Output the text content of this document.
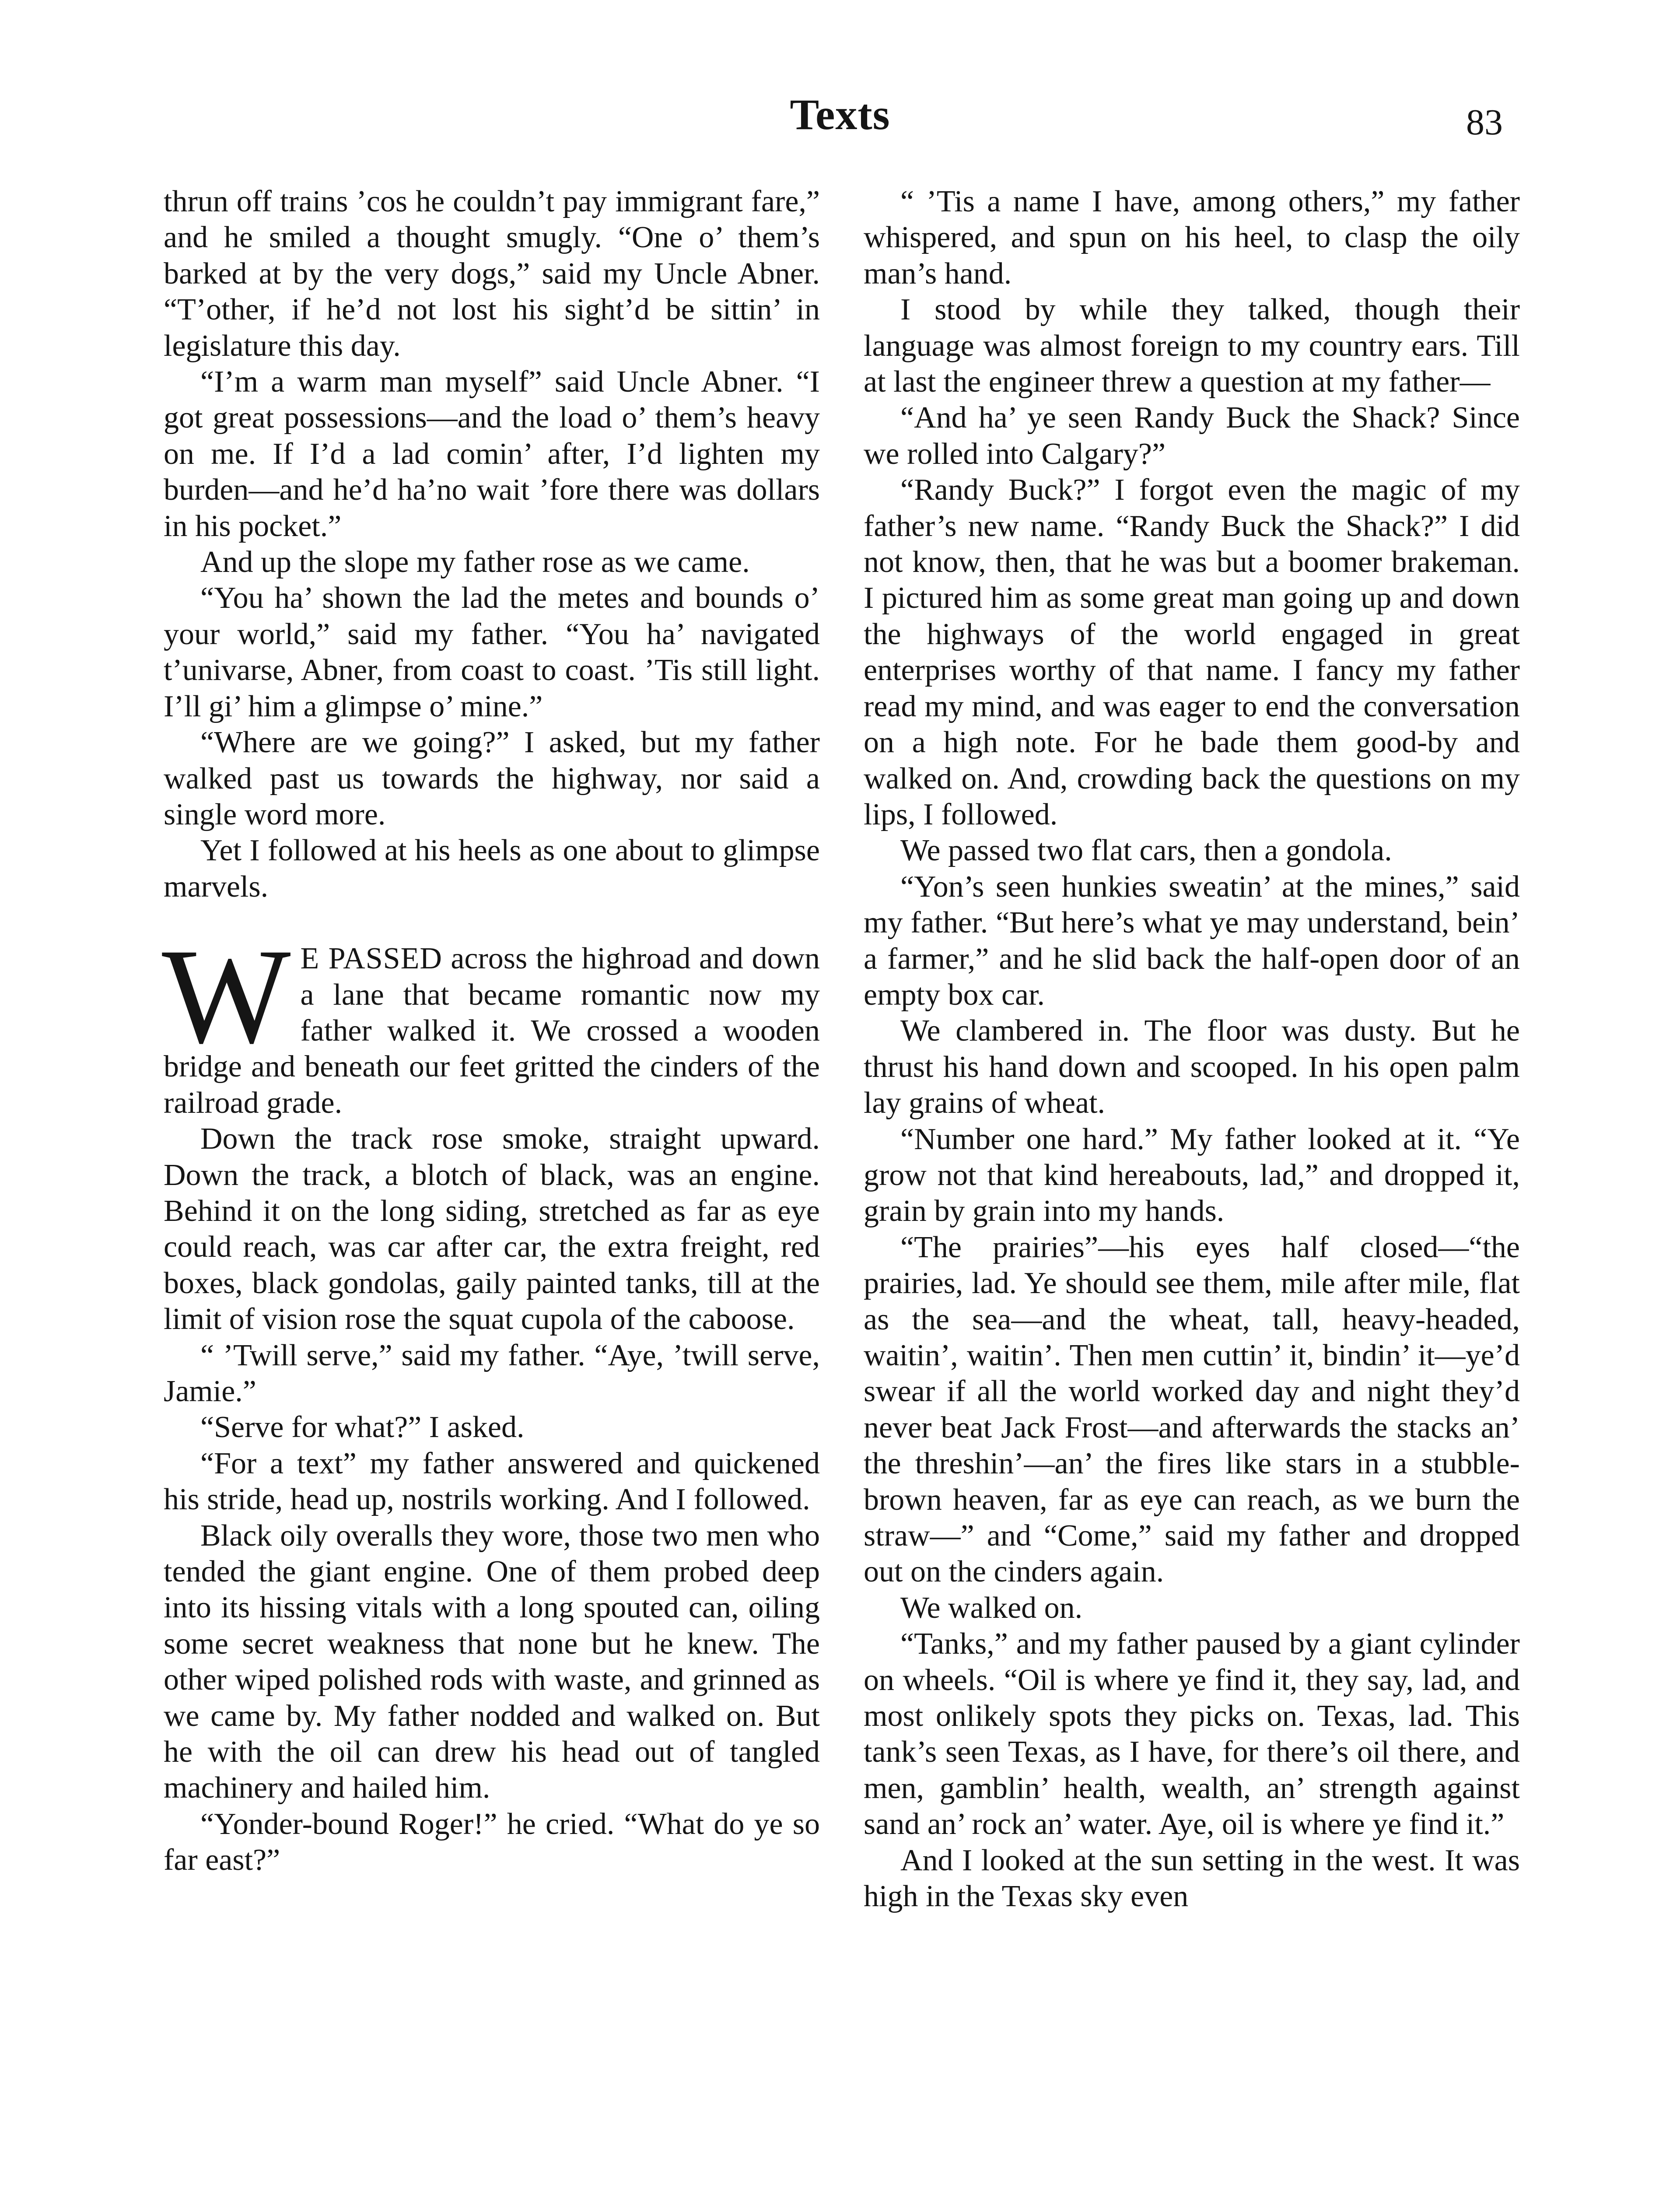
Texts	83

thrun off trains ’cos he couldn’t pay immigrant fare,” and he smiled a thought smugly. “One o’ them’s barked at by the very dogs,” said my Uncle Abner. “T’other, if he’d not lost his sight’d be sittin’ in legislature this day.

“I’m a warm man myself” said Uncle Abner. “I got great possessions—and the load o’ them’s heavy on me. If I’d a lad comin’ after, I’d lighten my burden—and he’d ha’no wait ’fore there was dollars in his pocket.”

And up the slope my father rose as we came.

“You ha’ shown the lad the metes and bounds o’ your world,” said my father. “You ha’ navigated t’univarse, Abner, from coast to coast. ’Tis still light. I’ll gi’ him a glimpse o’ mine.”

“Where are we going?” I asked, but my father walked past us towards the highway, nor said a single word more.

Yet I followed at his heels as one about to glimpse marvels.

W E PASSED across the highroad and down a lane that became romantic now my father walked it. We crossed a wooden bridge and beneath our feet gritted the cinders of the railroad grade.

Down the track rose smoke, straight upward. Down the track, a blotch of black, was an engine. Behind it on the long siding, stretched as far as eye could reach, was car after car, the extra freight, red boxes, black gondolas, gaily painted tanks, till at the limit of vision rose the squat cupola of the caboose.

“ ’Twill serve,” said my father. “Aye, ’twill serve, Jamie.”

“Serve for what?” I asked.

“For a text” my father answered and quickened his stride, head up, nostrils working. And I followed.

Black oily overalls they wore, those two men who tended the giant engine. One of them probed deep into its hissing vitals with a long spouted can, oiling some secret weakness that none but he knew. The other wiped polished rods with waste, and grinned as we came by. My father nodded and walked on. But he with the oil can drew his head out of tangled machinery and hailed him.

“Yonder-bound Roger!” he cried. “What do ye so far east?”

“ ’Tis a name I have, among others,” my father whispered, and spun on his heel, to clasp the oily man’s hand.

I stood by while they talked, though their language was almost foreign to my country ears. Till at last the engineer threw a question at my father—

“And ha’ ye seen Randy Buck the Shack? Since we rolled into Calgary?”

“Randy Buck?” I forgot even the magic of my father’s new name. “Randy Buck the Shack?” I did not know, then, that he was but a boomer brakeman. I pictured him as some great man going up and down the highways of the world engaged in great enterprises worthy of that name. I fancy my father read my mind, and was eager to end the conversation on a high note. For he bade them good-by and walked on. And, crowding back the questions on my lips, I followed.

We passed two flat cars, then a gondola.

“Yon’s seen hunkies sweatin’ at the mines,” said my father. “But here’s what ye may understand, bein’ a farmer,” and he slid back the half-open door of an empty box car.

We clambered in. The floor was dusty. But he thrust his hand down and scooped. In his open palm lay grains of wheat.

“Number one hard.” My father looked at it. “Ye grow not that kind hereabouts, lad,” and dropped it, grain by grain into my hands.

“The prairies”—his eyes half closed—“the prairies, lad. Ye should see them, mile after mile, flat as the sea—and the wheat, tall, heavy-headed, waitin’, waitin’. Then men cuttin’ it, bindin’ it—ye’d swear if all the world worked day and night they’d never beat Jack Frost—and afterwards the stacks an’ the threshin’—an’ the fires like stars in a stubble-brown heaven, far as eye can reach, as we burn the straw—” and “Come,” said my father and dropped out on the cinders again.

We walked on.

“Tanks,” and my father paused by a giant cylinder on wheels. “Oil is where ye find it, they say, lad, and most onlikely spots they picks on. Texas, lad. This tank’s seen Texas, as I have, for there’s oil there, and men, gamblin’ health, wealth, an’ strength against sand an’ rock an’ water. Aye, oil is where ye find it.”

And I looked at the sun setting in the west. It was high in the Texas sky even
